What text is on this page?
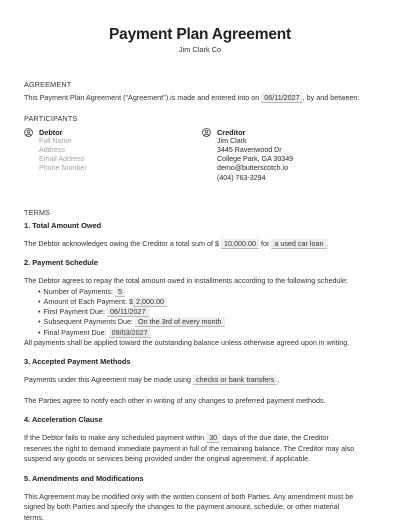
Payment Plan Agreement
Jim Clark Co
AGREEMENT
This Payment Plan Agreement ("Agreement") is made and entered into on 06/11/2027 , by and between:
PARTICIPANTS
Debtor
Full Name
Address
Email Address
Phone Number
Creditor
Jim Clark
3445 Ravenwood Dr
College Park, GA 30349
demo@butterscotch.io
(404) 763-3294
TERMS
1. Total Amount Owed
The Debtor acknowledges owing the Creditor a total sum of $ 10,000.00 for a used car loan .
2. Payment Schedule
The Debtor agrees to repay the total amount owed in installments according to the following schedule:
• Number of Payments: 5
• Amount of Each Payment: $ 2,000.00
• First Payment Due: 06/11/2027
• Subsequent Payments Due: On the 3rd of every month
• Final Payment Due: 09/03/2027
All payments shall be applied toward the outstanding balance unless otherwise agreed upon in writing.
3. Accepted Payment Methods
Payments under this Agreement may be made using checks or bank transfers .
The Parties agree to notify each other in writing of any changes to preferred payment methods.
4. Acceleration Clause
If the Debtor fails to make any scheduled payment within 30 days of the due date, the Creditor
reserves the right to demand immediate payment in full of the remaining balance. The Creditor may also
suspend any goods or services being provided under the original agreement, if applicable.
5. Amendments and Modifications
This Agreement may be modified only with the written consent of both Parties. Any amendment must be
signed by both Parties and specify the changes to the payment amount, schedule, or other material
terms.
